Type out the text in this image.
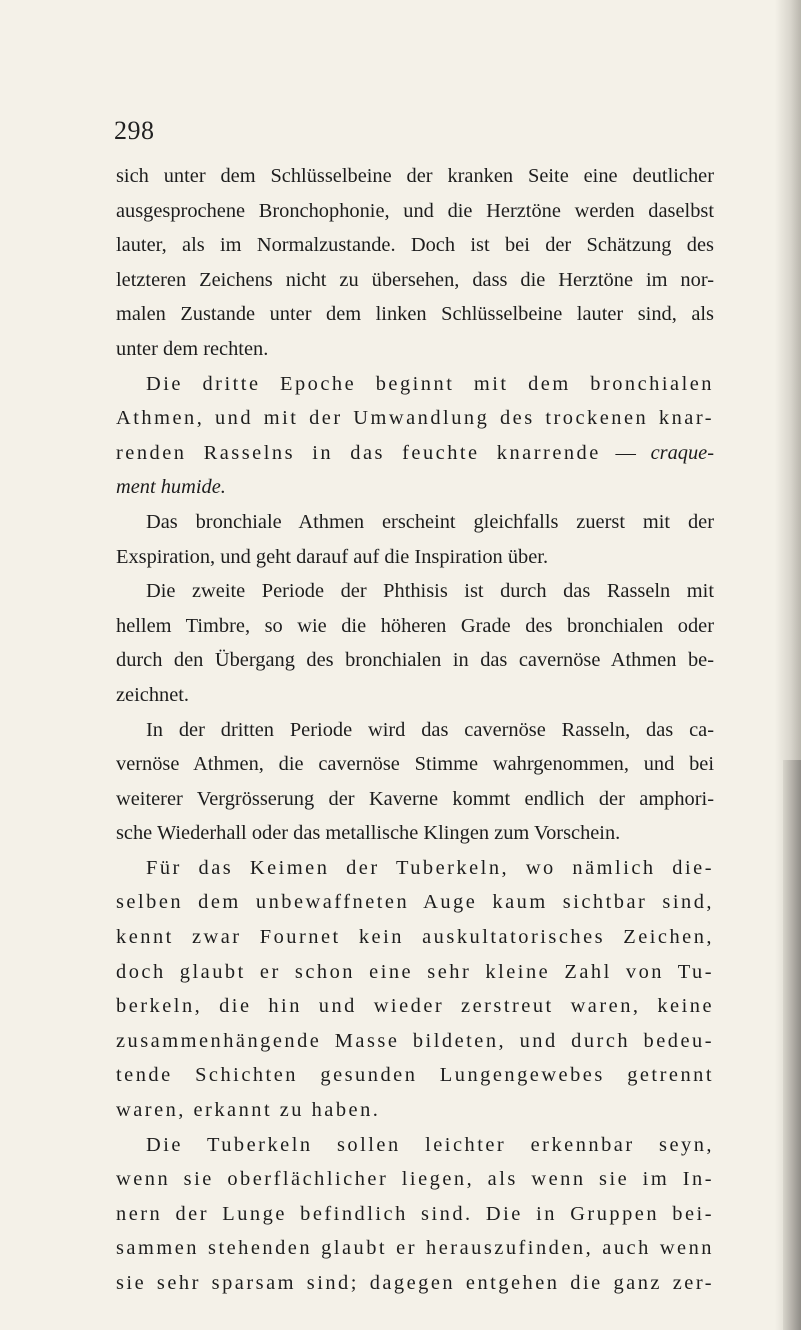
298
sich unter dem Schlüsselbeine der kranken Seite eine deutlicher
ausgesprochene Bronchophonie, und die Herztöne werden daselbst
lauter, als im Normalzustande. Doch ist bei der Schätzung des
letzteren Zeichens nicht zu übersehen, dass die Herztöne im nor-
malen Zustande unter dem linken Schlüsselbeine lauter sind, als
unter dem rechten.
Die dritte Epoche beginnt mit dem bronchialen
Athmen, und mit der Umwandlung des trockenen knar-
renden Rasselns in das feuchte knarrende — craque-
ment humide.
Das bronchiale Athmen erscheint gleichfalls zuerst mit der
Exspiration, und geht darauf auf die Inspiration über.
Die zweite Periode der Phthisis ist durch das Rasseln mit
hellem Timbre, so wie die höheren Grade des bronchialen oder
durch den Übergang des bronchialen in das cavernöse Athmen be-
zeichnet.
In der dritten Periode wird das cavernöse Rasseln, das ca-
vernöse Athmen, die cavernöse Stimme wahrgenommen, und bei
weiterer Vergrösserung der Kaverne kommt endlich der amphori-
sche Wiederhall oder das metallische Klingen zum Vorschein.
Für das Keimen der Tuberkeln, wo nämlich die-
selben dem unbewaffneten Auge kaum sichtbar sind,
kennt zwar Fournet kein auskultatorisches Zeichen,
doch glaubt er schon eine sehr kleine Zahl von Tu-
berkeln, die hin und wieder zerstreut waren, keine
zusammenhängende Masse bildeten, und durch bedeu-
tende Schichten gesunden Lungengewebes getrennt
waren, erkannt zu haben.
Die Tuberkeln sollen leichter erkennbar seyn,
wenn sie oberflächlicher liegen, als wenn sie im In-
nern der Lunge befindlich sind. Die in Gruppen bei-
sammen stehenden glaubt er herauszufinden, auch wenn
sie sehr sparsam sind; dagegen entgehen die ganz zer-
